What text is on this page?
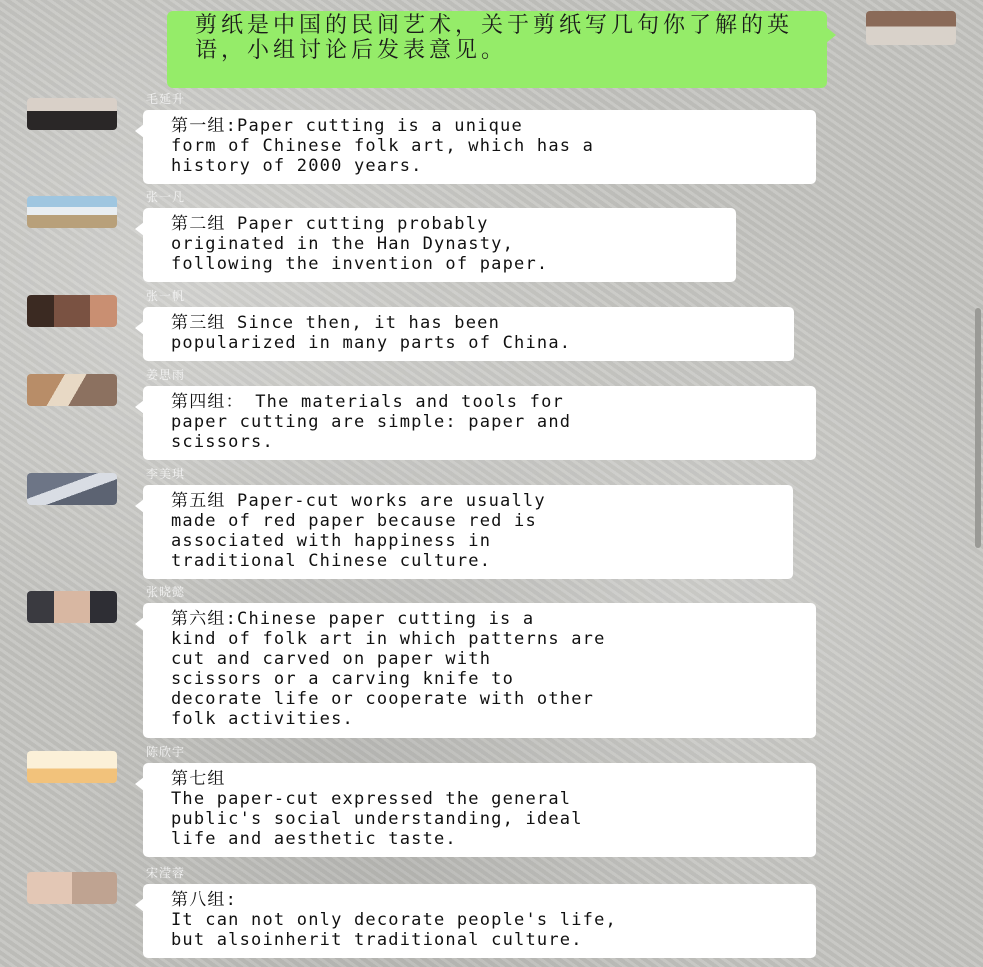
剪纸是中国的民间艺术，关于剪纸写几句你了解的英语，小组讨论后发表意见。
毛延升
第一组:Paper cutting is a unique
form of Chinese folk art, which has a
history of 2000 years.
张一凡
第二组 Paper cutting probably
originated in the Han Dynasty,
following the invention of paper.
张一帆
第三组 Since then, it has been
popularized in many parts of China.
姜思雨
第四组： The materials and tools for
paper cutting are simple: paper and
scissors.
李美琪
第五组 Paper-cut works are usually
made of red paper because red is
associated with happiness in
traditional Chinese culture.
张晓懿
第六组:Chinese paper cutting is a
kind of folk art in which patterns are
cut and carved on paper with
scissors or a carving knife to
decorate life or cooperate with other
folk activities.
陈欣宇
第七组
The paper-cut expressed the general
public's social understanding, ideal
life and aesthetic taste.
宋滢蓉
第八组:
It can not only decorate people's life,
but alsoinherit traditional culture.
